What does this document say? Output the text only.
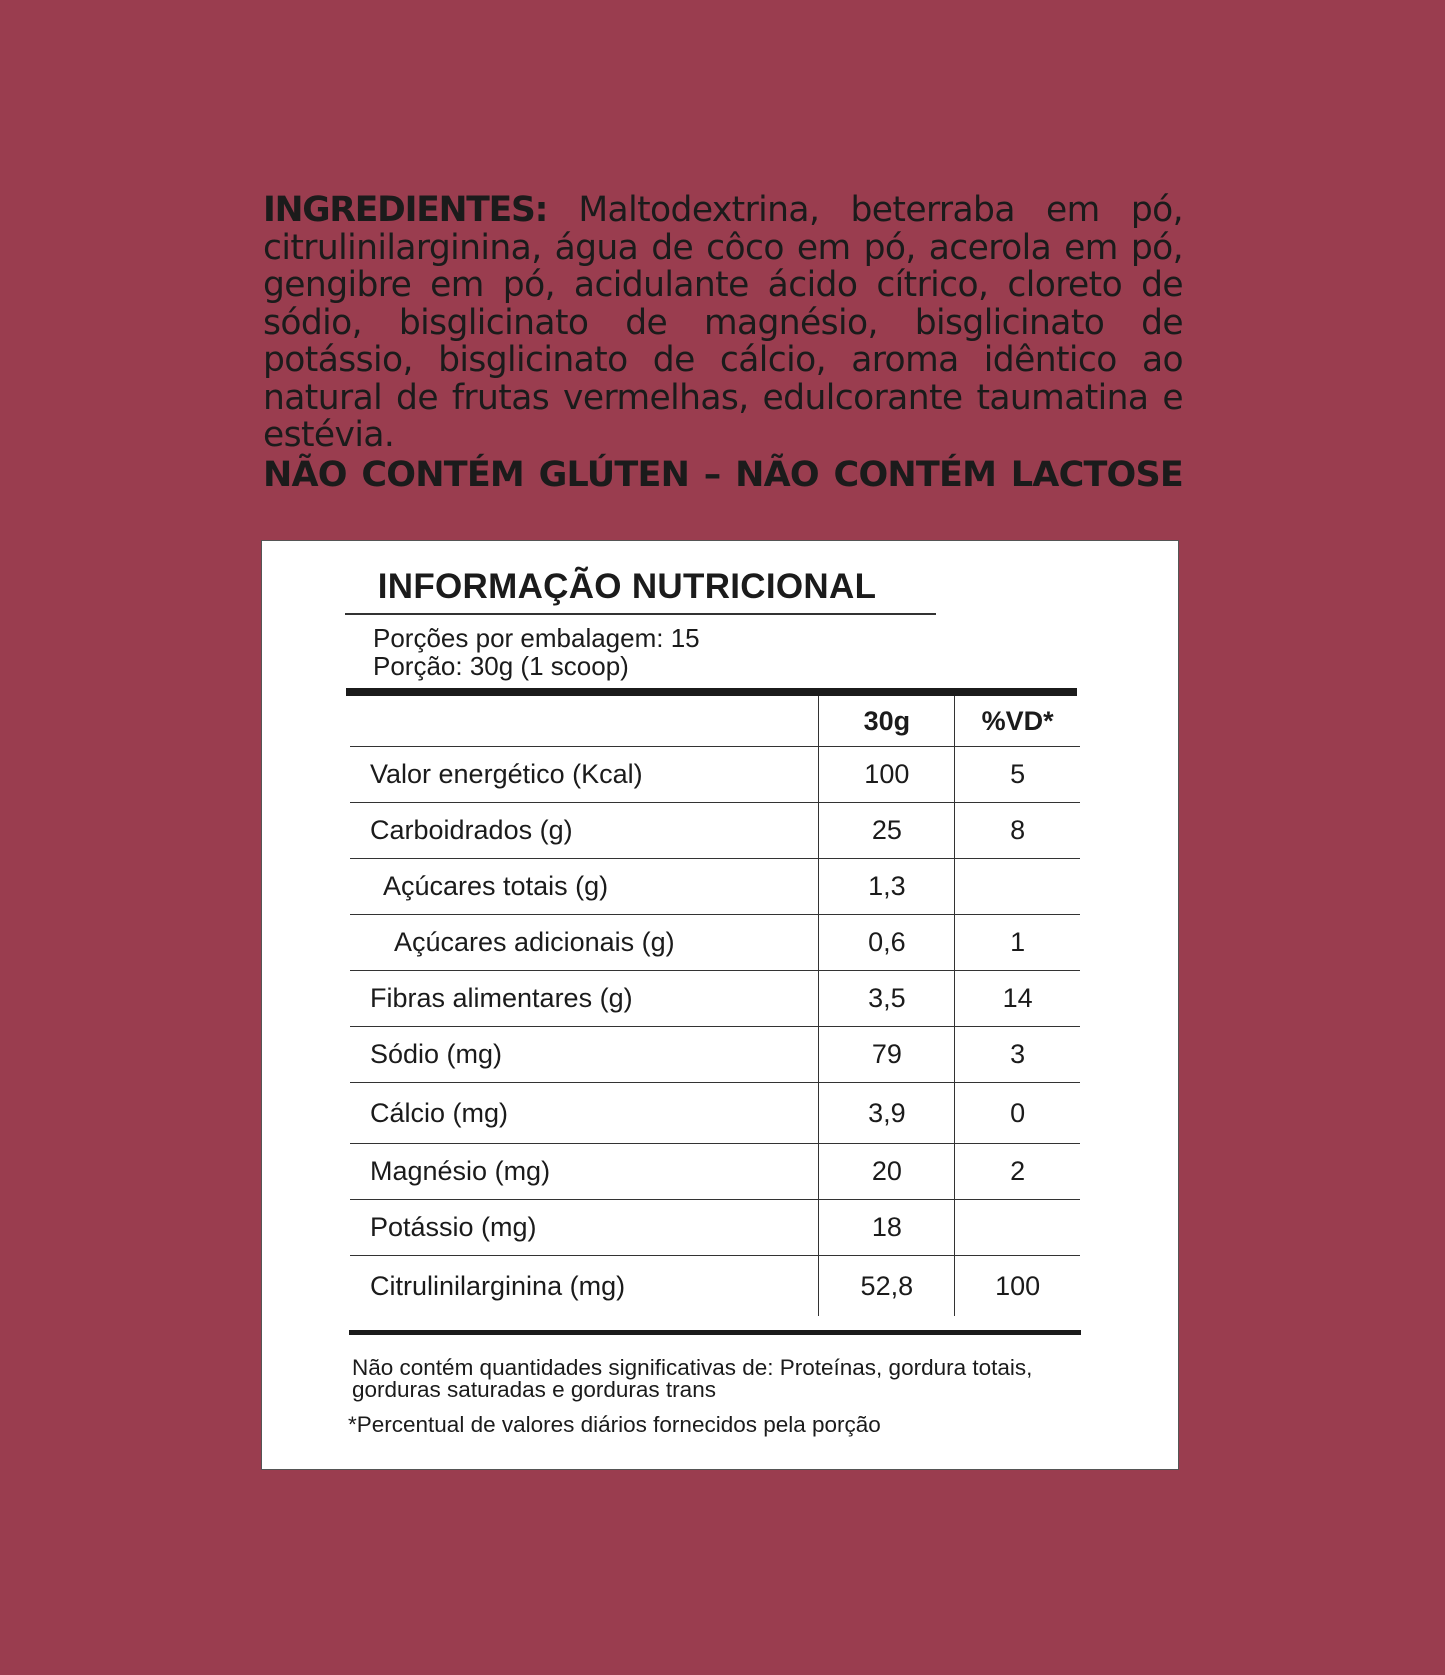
INGREDIENTES: Maltodextrina, beterraba em pó, citrulinilarginina, água de côco em pó, acerola em pó, gengibre em pó, acidulante ácido cítrico, cloreto de sódio, bisglicinato de magnésio, bisglicinato de potássio, bisglicinato de cálcio, aroma idêntico ao natural de frutas vermelhas, edulcorante taumatina e estévia.
NÃO CONTÉM GLÚTEN – NÃO CONTÉM LACTOSE
INFORMAÇÃO NUTRICIONAL
Porções por embalagem: 15
Porção: 30g (1 scoop)
	30g	%VD*
Valor energético (Kcal)	100	5
Carboidrados (g)	25	8
Açúcares totais (g)	1,3	
Açúcares adicionais (g)	0,6	1
Fibras alimentares (g)	3,5	14
Sódio (mg)	79	3
Cálcio (mg)	3,9	0
Magnésio (mg)	20	2
Potássio (mg)	18	
Citrulinilarginina (mg)	52,8	100
Não contém quantidades significativas de: Proteínas, gordura totais,
gorduras saturadas e gorduras trans
*Percentual de valores diários fornecidos pela porção
